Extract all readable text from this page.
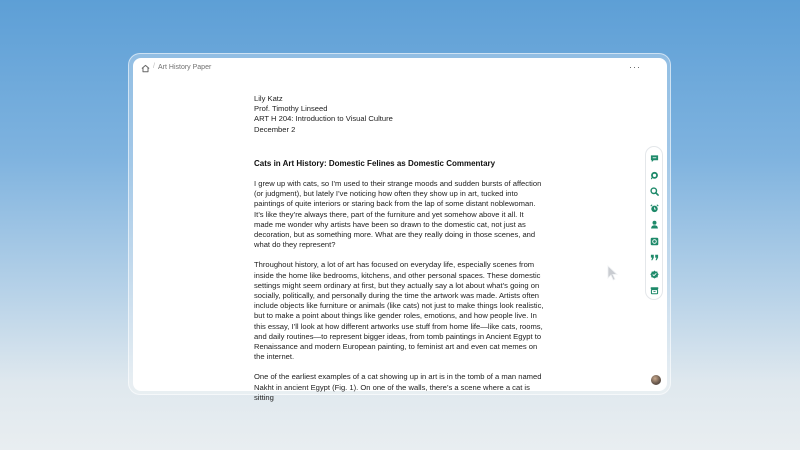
/ Art History Paper	···
Lily Katz
Prof. Timothy Linseed
ART H 204: Introduction to Visual Culture
December 2
Cats in Art History: Domestic Felines as Domestic Commentary
I grew up with cats, so I’m used to their strange moods and sudden bursts of affection (or judgment), but lately I’ve noticing how often they show up in art, tucked into paintings of quite interiors or staring back from the lap of some distant noblewoman. It’s like they’re always there, part of the furniture and yet somehow above it all. It made me wonder why artists have been so drawn to the domestic cat, not just as decoration, but as something more. What are they really doing in those scenes, and what do they represent?
Throughout history, a lot of art has focused on everyday life, especially scenes from inside the home like bedrooms, kitchens, and other personal spaces. These domestic settings might seem ordinary at first, but they actually say a lot about what’s going on socially, politically, and personally during the time the artwork was made. Artists often include objects like furniture or animals (like cats) not just to make things look realistic, but to make a point about things like gender roles, emotions, and how people live. In this essay, I’ll look at how different artworks use stuff from home life—like cats, rooms, and daily routines—to represent bigger ideas, from tomb paintings in Ancient Egypt to Renaissance and modern European painting, to feminist art and even cat memes on the internet.
One of the earliest examples of a cat showing up in art is in the tomb of a man named Nakht in ancient Egypt (Fig. 1). On one of the walls, there’s a scene where a cat is sitting
